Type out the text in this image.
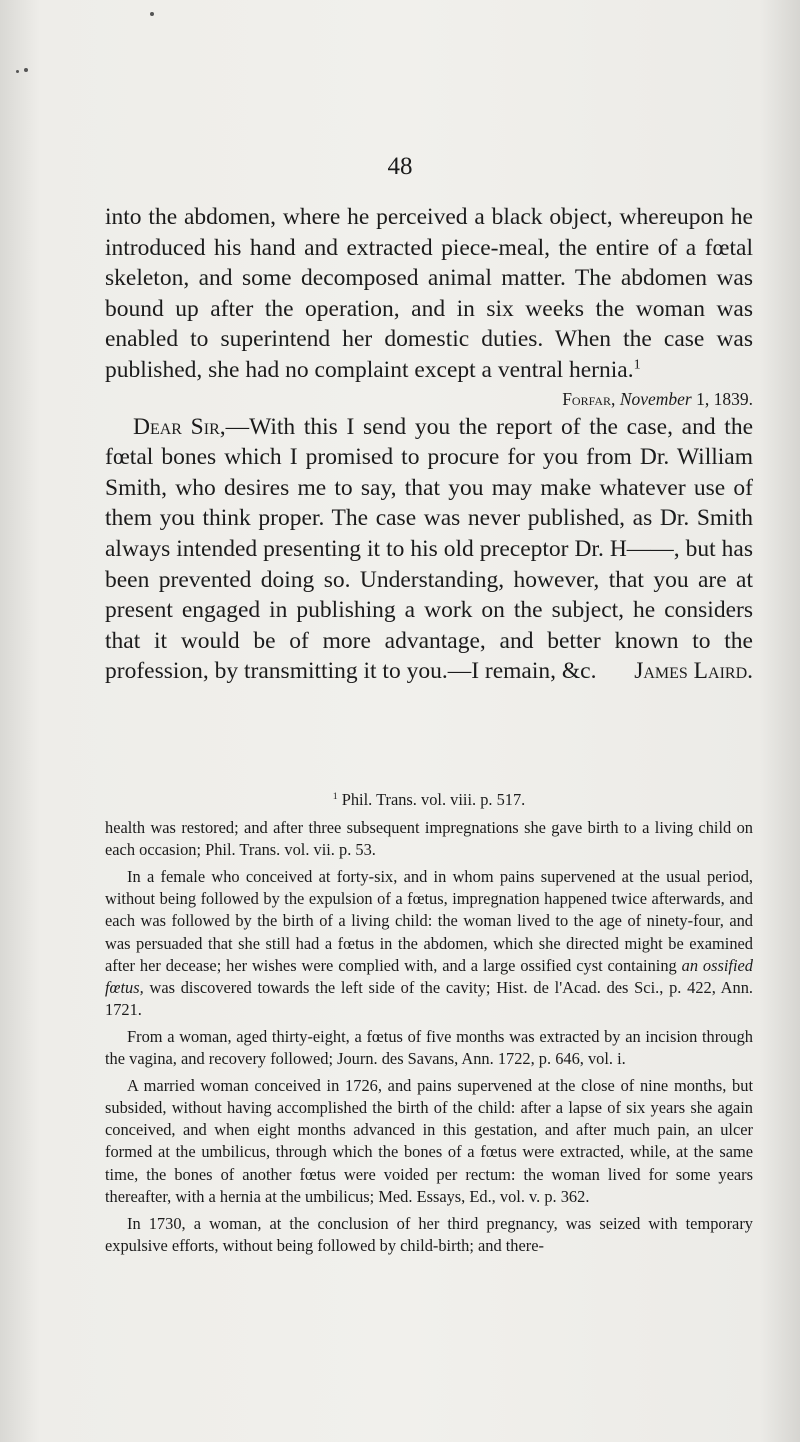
48

into the abdomen, where he perceived a black object, whereupon he introduced his hand and extracted piece-meal, the entire of a fœtal skeleton, and some decomposed animal matter. The abdomen was bound up after the operation, and in six weeks the woman was enabled to superintend her domestic duties. When the case was published, she had no complaint except a ventral hernia.$^1$

Forfar, November 1, 1839.

Dear Sir,—With this I send you the report of the case, and the fœtal bones which I promised to procure for you from Dr. William Smith, who desires me to say, that you may make whatever use of them you think proper. The case was never published, as Dr. Smith always intended presenting it to his old preceptor Dr. H——, but has been prevented doing so. Understanding, however, that you are at present engaged in publishing a work on the subject, he considers that it would be of more advantage, and better known to the profession, by transmitting it to you.—I remain, &c.	James Laird.

$^1$ Phil. Trans. vol. viii. p. 517.

health was restored; and after three subsequent impregnations she gave birth to a living child on each occasion; Phil. Trans. vol. vii. p. 53.

In a female who conceived at forty-six, and in whom pains supervened at the usual period, without being followed by the expulsion of a fœtus, impregnation happened twice afterwards, and each was followed by the birth of a living child: the woman lived to the age of ninety-four, and was persuaded that she still had a fœtus in the abdomen, which she directed might be examined after her decease; her wishes were complied with, and a large ossified cyst containing an ossified fœtus, was discovered towards the left side of the cavity; Hist. de l'Acad. des Sci., p. 422, Ann. 1721.

From a woman, aged thirty-eight, a fœtus of five months was extracted by an incision through the vagina, and recovery followed; Journ. des Savans, Ann. 1722, p. 646, vol. i.

A married woman conceived in 1726, and pains supervened at the close of nine months, but subsided, without having accomplished the birth of the child: after a lapse of six years she again conceived, and when eight months advanced in this gestation, and after much pain, an ulcer formed at the umbilicus, through which the bones of a fœtus were extracted, while, at the same time, the bones of another fœtus were voided per rectum: the woman lived for some years thereafter, with a hernia at the umbilicus; Med. Essays, Ed., vol. v. p. 362.

In 1730, a woman, at the conclusion of her third pregnancy, was seized with temporary expulsive efforts, without being followed by child-birth; and there-
